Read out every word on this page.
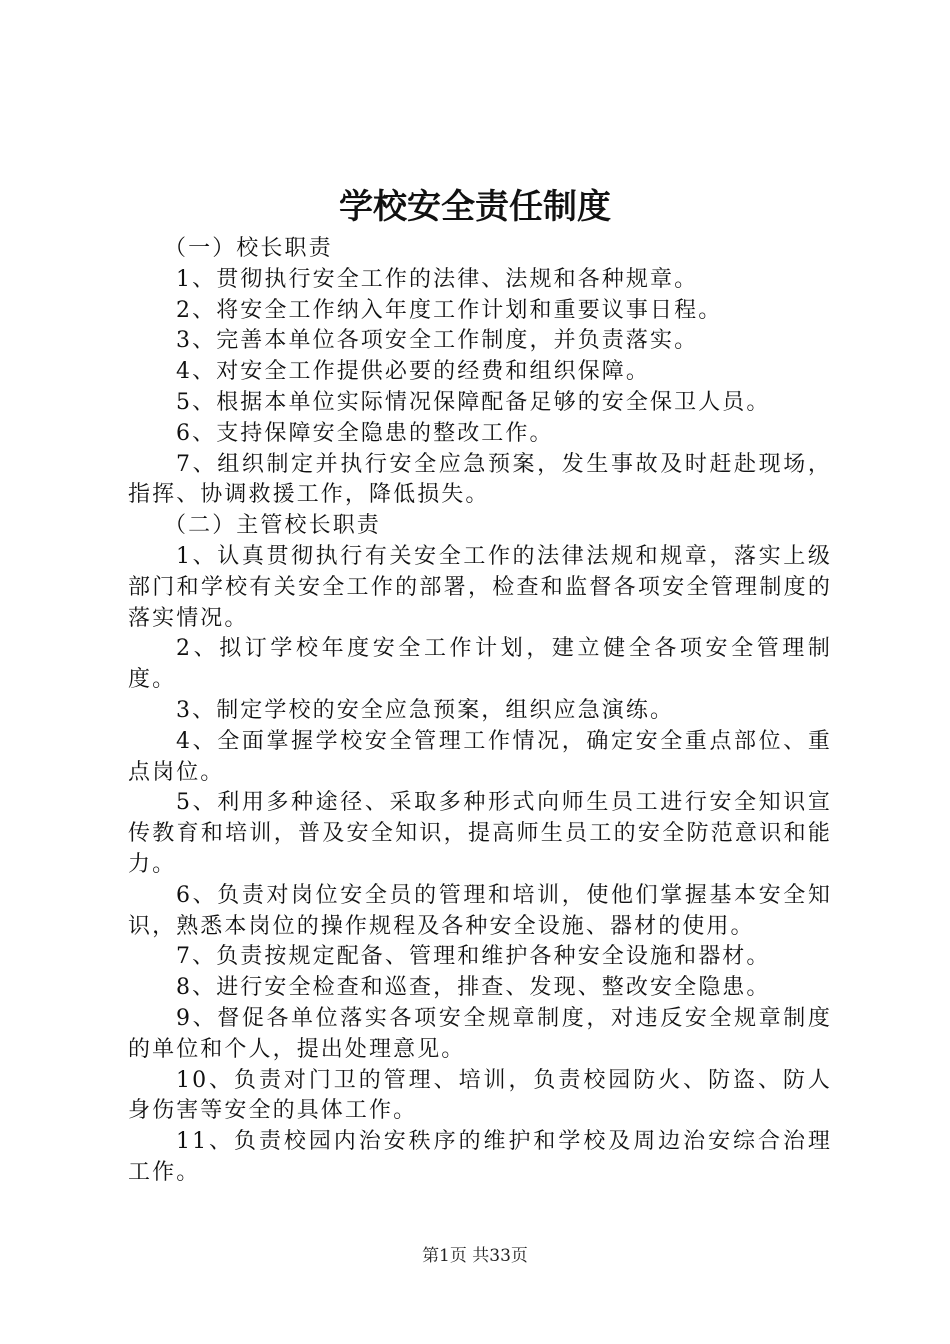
学校安全责任制度

（一）校长职责

1、贯彻执行安全工作的法律、法规和各种规章。

2、将安全工作纳入年度工作计划和重要议事日程。

3、完善本单位各项安全工作制度，并负责落实。

4、对安全工作提供必要的经费和组织保障。

5、根据本单位实际情况保障配备足够的安全保卫人员。

6、支持保障安全隐患的整改工作。

7、组织制定并执行安全应急预案，发生事故及时赶赴现场，指挥、协调救援工作，降低损失。

（二）主管校长职责

1、认真贯彻执行有关安全工作的法律法规和规章，落实上级部门和学校有关安全工作的部署，检查和监督各项安全管理制度的落实情况。

2、拟订学校年度安全工作计划，建立健全各项安全管理制度。

3、制定学校的安全应急预案，组织应急演练。

4、全面掌握学校安全管理工作情况，确定安全重点部位、重点岗位。

5、利用多种途径、采取多种形式向师生员工进行安全知识宣传教育和培训，普及安全知识，提高师生员工的安全防范意识和能力。

6、负责对岗位安全员的管理和培训，使他们掌握基本安全知识，熟悉本岗位的操作规程及各种安全设施、器材的使用。

7、负责按规定配备、管理和维护各种安全设施和器材。

8、进行安全检查和巡查，排查、发现、整改安全隐患。

9、督促各单位落实各项安全规章制度，对违反安全规章制度的单位和个人，提出处理意见。

10、负责对门卫的管理、培训，负责校园防火、防盗、防人身伤害等安全的具体工作。

11、负责校园内治安秩序的维护和学校及周边治安综合治理工作。

第1页 共33页
